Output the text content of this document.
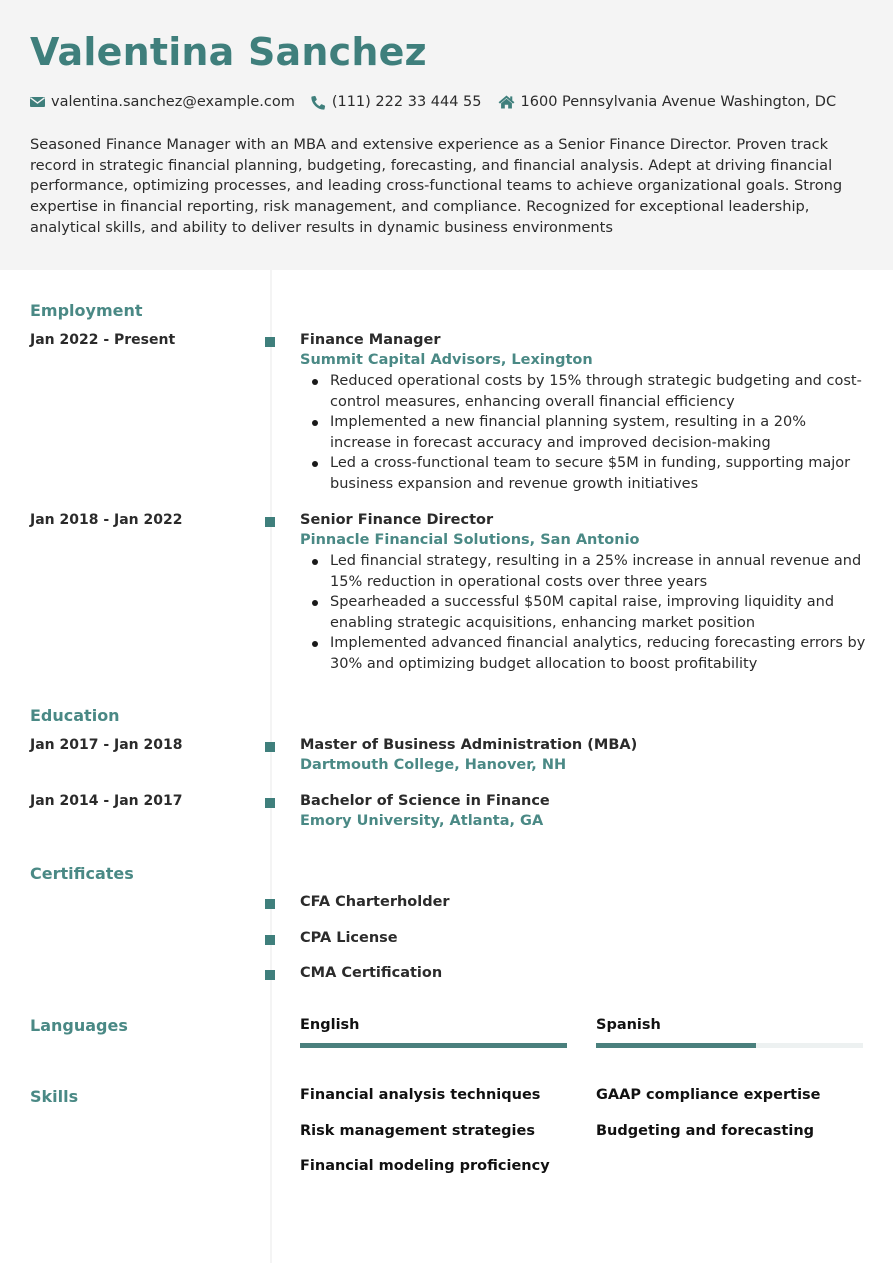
Valentina Sanchez
valentina.sanchez@example.com	(111) 222 33 444 55	1600 Pennsylvania Avenue Washington, DC

Seasoned Finance Manager with an MBA and extensive experience as a Senior Finance Director. Proven track record in strategic financial planning, budgeting, forecasting, and financial analysis. Adept at driving financial performance, optimizing processes, and leading cross-functional teams to achieve organizational goals. Strong expertise in financial reporting, risk management, and compliance. Recognized for exceptional leadership, analytical skills, and ability to deliver results in dynamic business environments

Employment
Jan 2022 - Present	Finance Manager
Summit Capital Advisors, Lexington
Reduced operational costs by 15% through strategic budgeting and cost-control measures, enhancing overall financial efficiency
Implemented a new financial planning system, resulting in a 20% increase in forecast accuracy and improved decision-making
Led a cross-functional team to secure $5M in funding, supporting major business expansion and revenue growth initiatives
Jan 2018 - Jan 2022	Senior Finance Director
Pinnacle Financial Solutions, San Antonio
Led financial strategy, resulting in a 25% increase in annual revenue and 15% reduction in operational costs over three years
Spearheaded a successful $50M capital raise, improving liquidity and enabling strategic acquisitions, enhancing market position
Implemented advanced financial analytics, reducing forecasting errors by 30% and optimizing budget allocation to boost profitability
Education
Jan 2017 - Jan 2018	Master of Business Administration (MBA)
Dartmouth College, Hanover, NH
Jan 2014 - Jan 2017	Bachelor of Science in Finance
Emory University, Atlanta, GA
Certificates
CFA Charterholder
CPA License
CMA Certification
Languages	English	Spanish
Skills	Financial analysis techniques	GAAP compliance expertise
Risk management strategies	Budgeting and forecasting
Financial modeling proficiency
